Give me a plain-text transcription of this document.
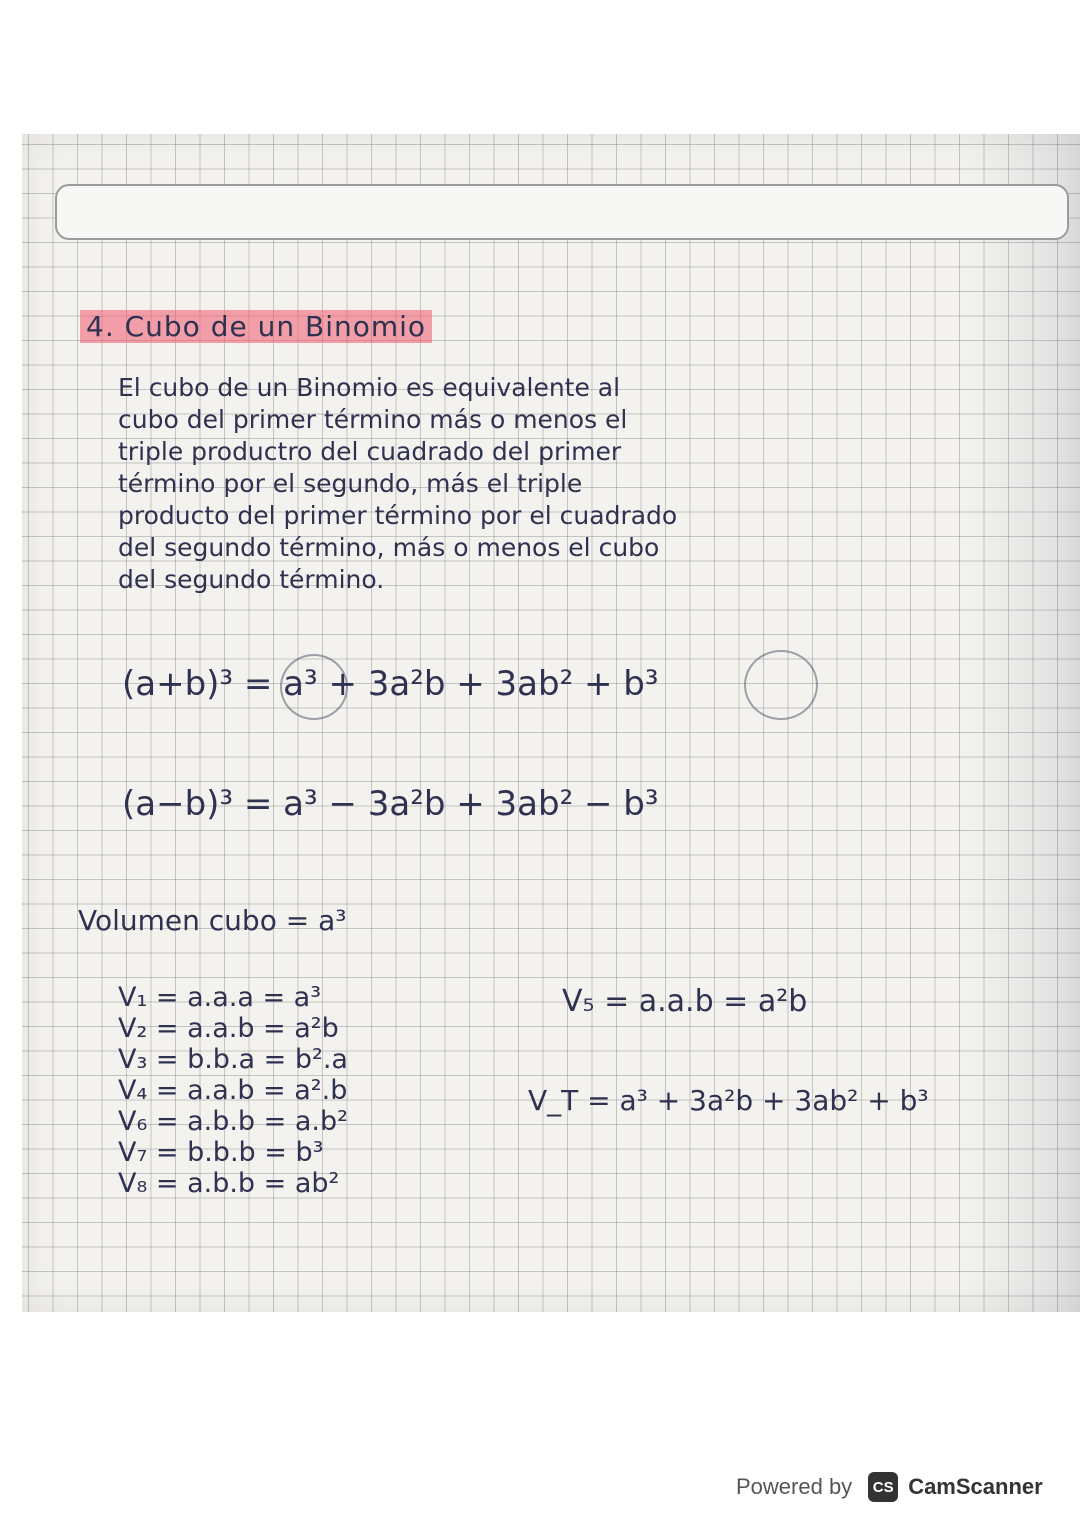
4. Cubo de un Binomio

El cubo de un Binomio es equivalente al

cubo del primer término más o menos el

triple productro del cuadrado del primer

término por el segundo, más el triple

producto del primer término por el cuadrado

del segundo término, más o menos el cubo

del segundo término.

(a+b)³ = a³ + 3a²b + 3ab² + b³
(a−b)³ = a³ − 3a²b + 3ab² − b³
Volumen cubo = a³
V₁ = a.a.a = a³
V₂ = a.a.b = a²b
V₃ = b.b.a = b².a
V₄ = a.a.b = a².b
V₆ = a.b.b = a.b²
V₇ = b.b.b = b³
V₈ = a.b.b = ab²
V₅ = a.a.b = a²b
V_T = a³ + 3a²b + 3ab² + b³
Powered by	CS CamScanner
